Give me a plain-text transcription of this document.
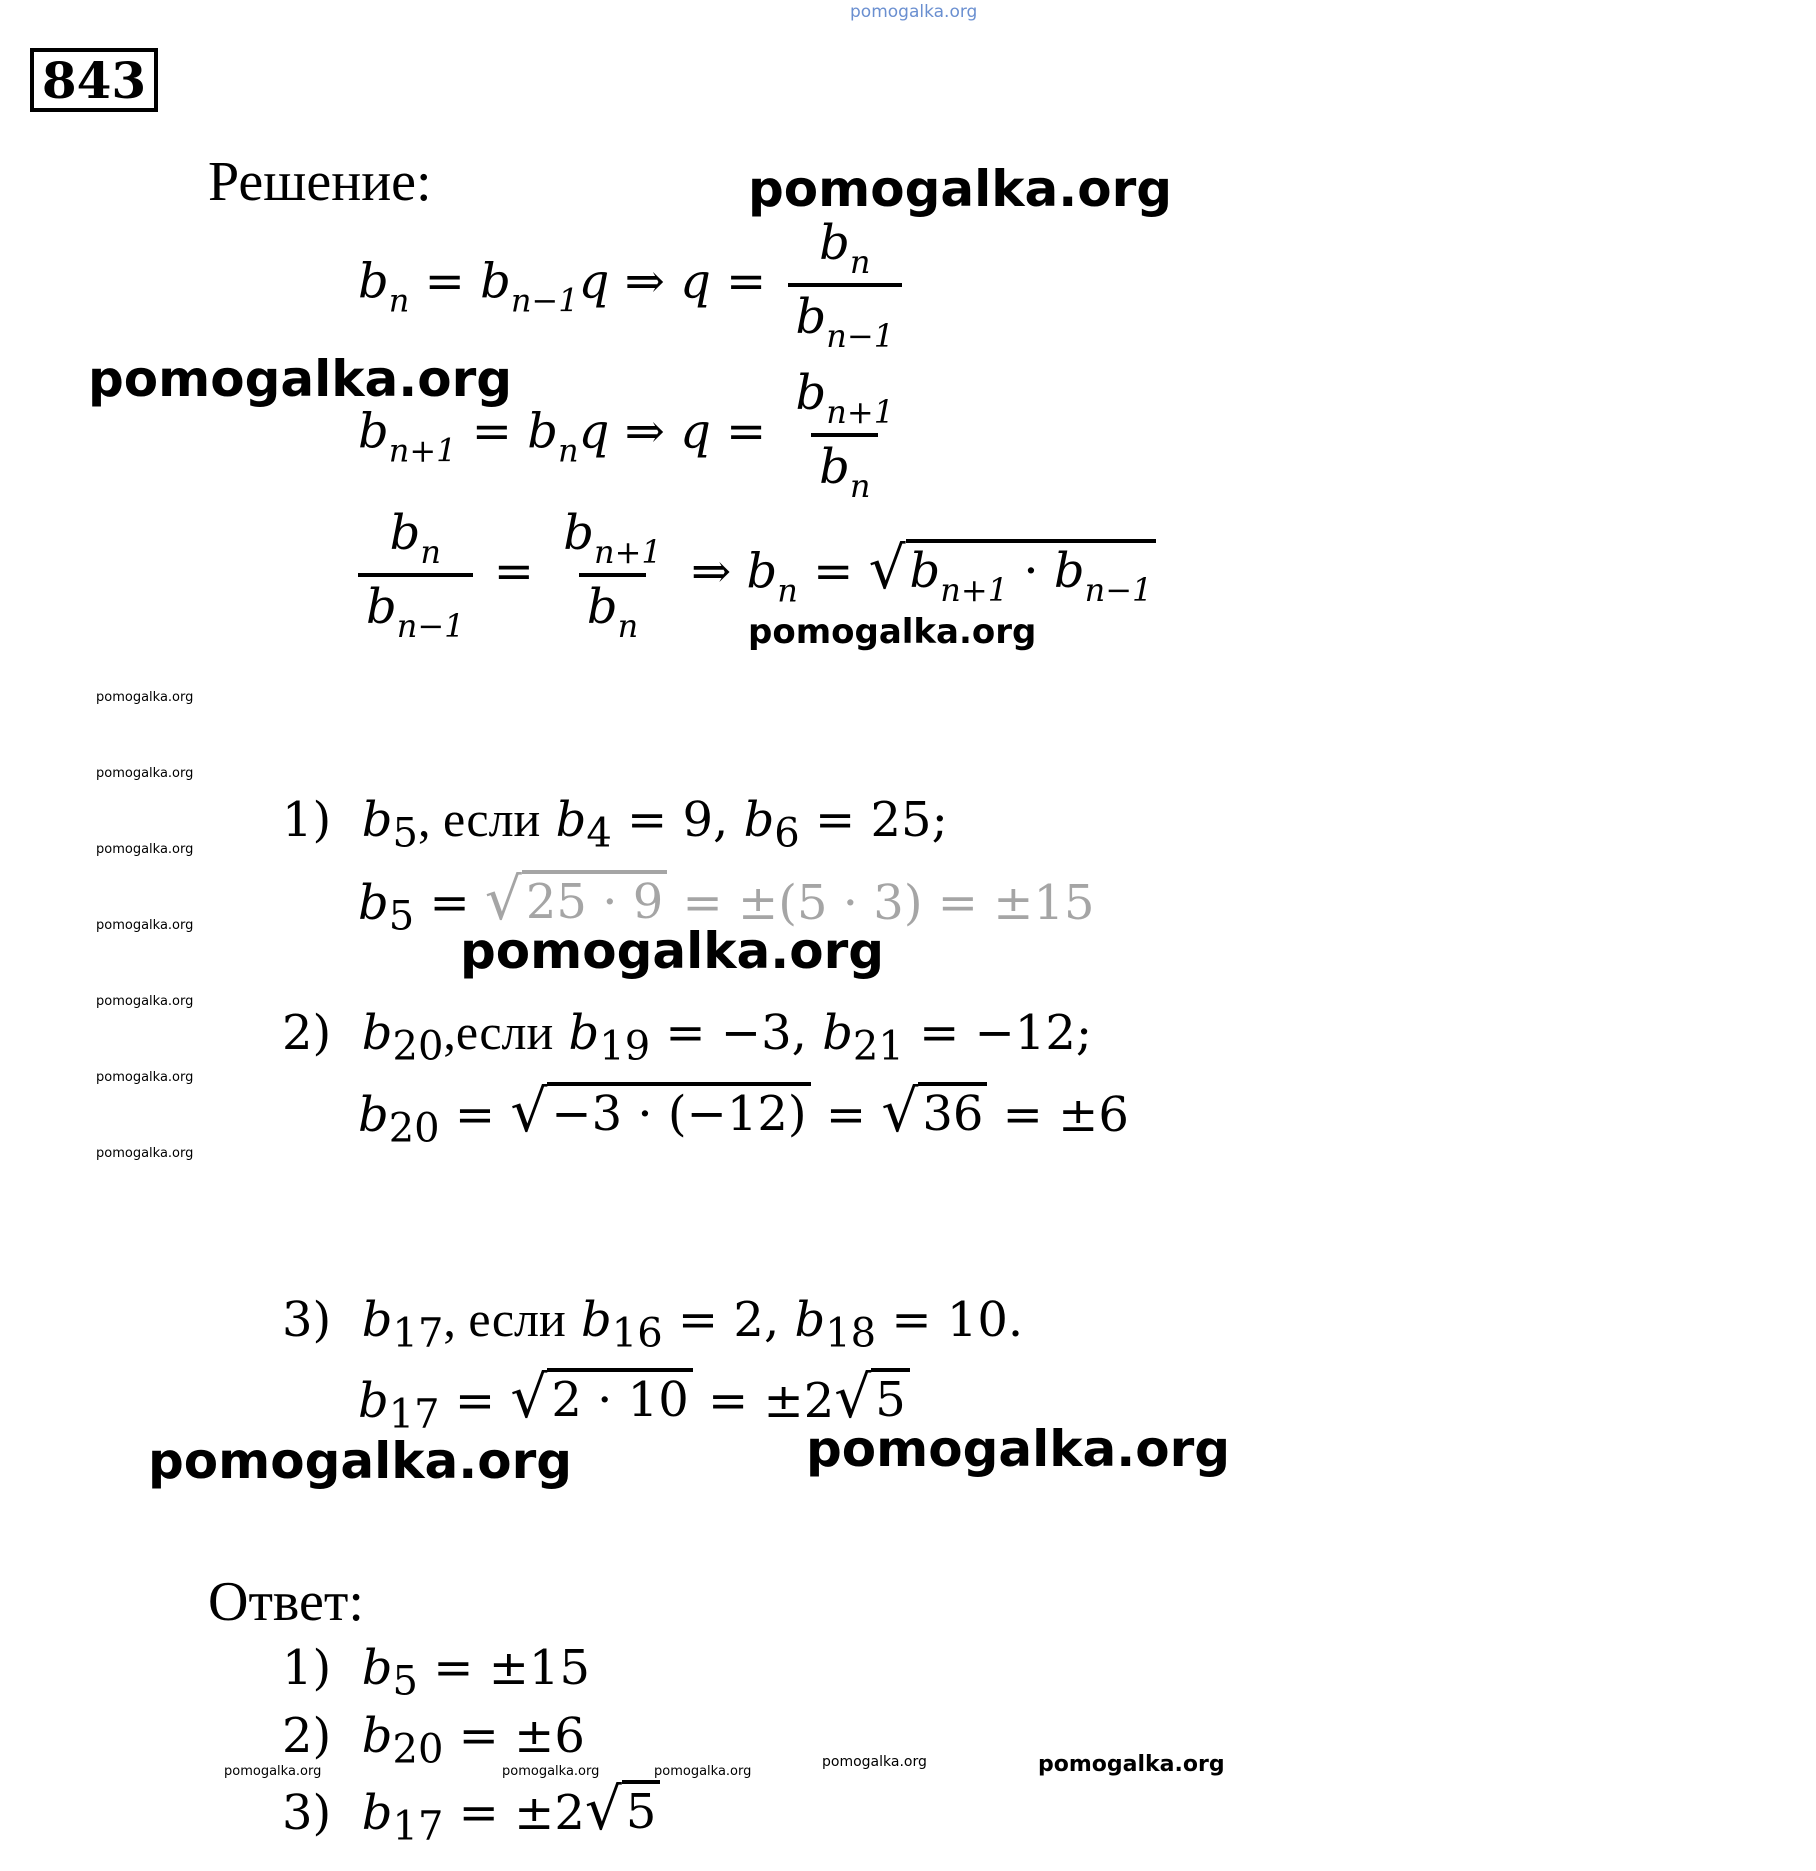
pomogalka.org
843
Решение:	pomogalka.org
$b_n = b_{n-1}q$ ⇒ $q = \frac{b_n}{b_{n-1}}$
pomogalka.org
$b_{n+1} = b_nq$ ⇒ $q = \frac{b_{n+1}}{b_n}$
$\frac{b_n}{b_{n-1}} = \frac{b_{n+1}}{b_n}$ ⇒ $b_n$ = √ $b_{n+1} \cdot b_{n-1}$
pomogalka.org
pomogalka.org
pomogalka.org
pomogalka.org
pomogalka.org
pomogalka.org
pomogalka.org
pomogalka.org
1) $b_5$, если $b_4 = 9$, $b_6 = 25$;
$b_5$ = √ 25 · 9 = ±(5 · 3) = ±15
pomogalka.org
2) $b_{20},если$ $b_{19} = -3$, $b_{21} = -12$;
$b_{20}$ = √ −3 · (−12) = √ 36 = ±6
3) $b_{17}$, если $b_{16} = 2$, $b_{18} = 10$.
$b_{17}$ = √ 2 · 10 = ±2 √ 5
pomogalka.org	pomogalka.org
Ответ:
1) $b_5 = \pm 15$
2) $b_{20} = \pm 6$
3) $b_{17} = \pm 2$ √ 5
pomogalka.org	pomogalka.org	pomogalka.org
pomogalka.org	pomogalka.org
